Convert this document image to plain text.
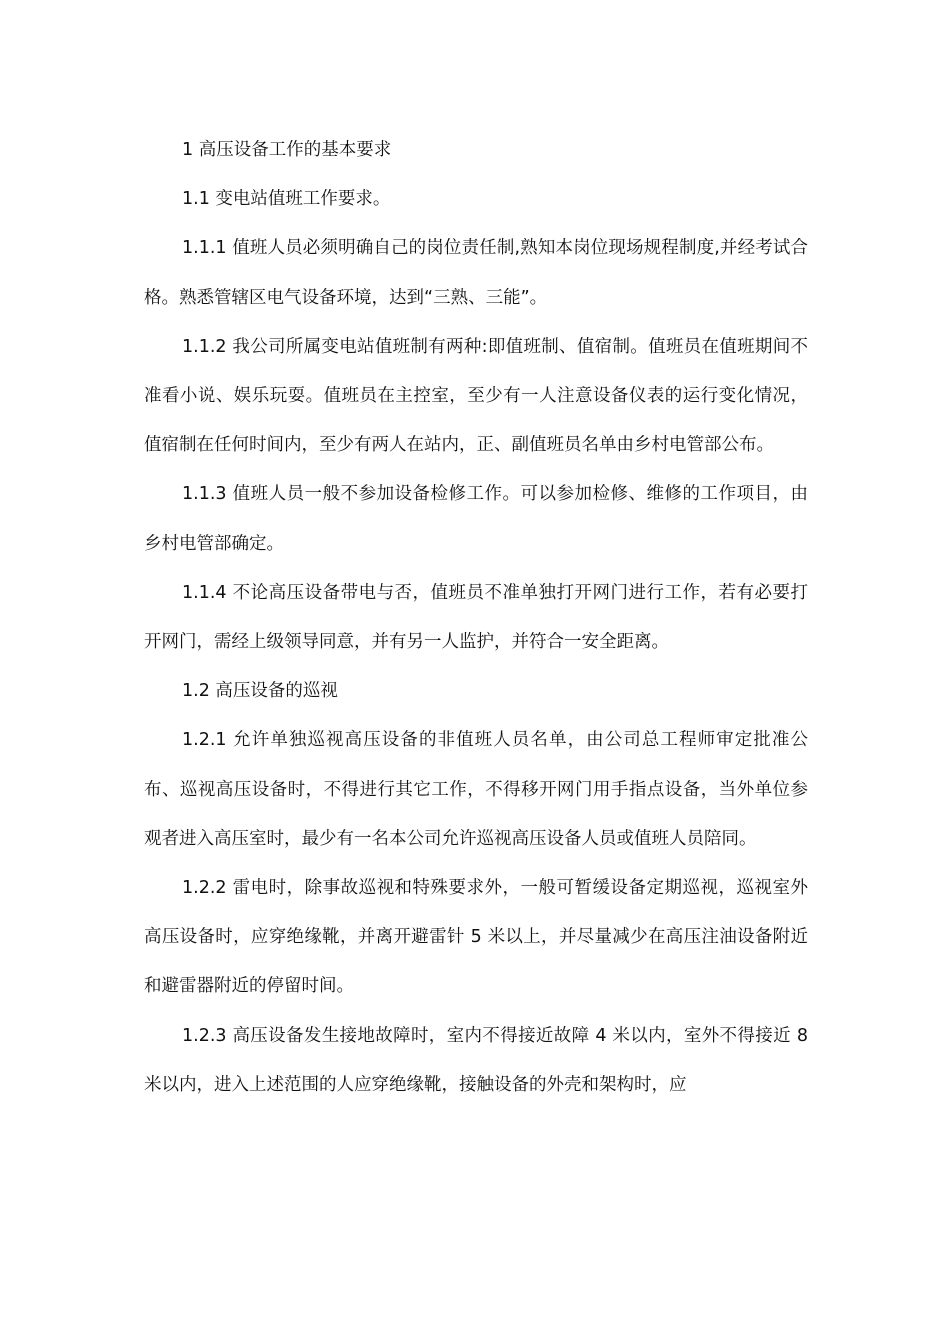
1 高压设备工作的基本要求

1.1 变电站值班工作要求。

1.1.1 值班人员必须明确自己的岗位责任制,熟知本岗位现场规程制度,并经考试合格。熟悉管辖区电气设备环境，达到“三熟、三能”。

1.1.2 我公司所属变电站值班制有两种:即值班制、值宿制。值班员在值班期间不准看小说、娱乐玩耍。值班员在主控室，至少有一人注意设备仪表的运行变化情况，值宿制在任何时间内，至少有两人在站内，正、副值班员名单由乡村电管部公布。

1.1.3 值班人员一般不参加设备检修工作。可以参加检修、维修的工作项目，由乡村电管部确定。

1.1.4 不论高压设备带电与否，值班员不准单独打开网门进行工作，若有必要打开网门，需经上级领导同意，并有另一人监护，并符合一安全距离。

1.2 高压设备的巡视

1.2.1 允许单独巡视高压设备的非值班人员名单，由公司总工程师审定批准公布、巡视高压设备时，不得进行其它工作，不得移开网门用手指点设备，当外单位参观者进入高压室时，最少有一名本公司允许巡视高压设备人员或值班人员陪同。

1.2.2 雷电时，除事故巡视和特殊要求外，一般可暂缓设备定期巡视，巡视室外高压设备时，应穿绝缘靴，并离开避雷针 5 米以上，并尽量减少在高压注油设备附近和避雷器附近的停留时间。

1.2.3 高压设备发生接地故障时，室内不得接近故障 4 米以内，室外不得接近 8 米以内，进入上述范围的人应穿绝缘靴，接触设备的外壳和架构时，应
